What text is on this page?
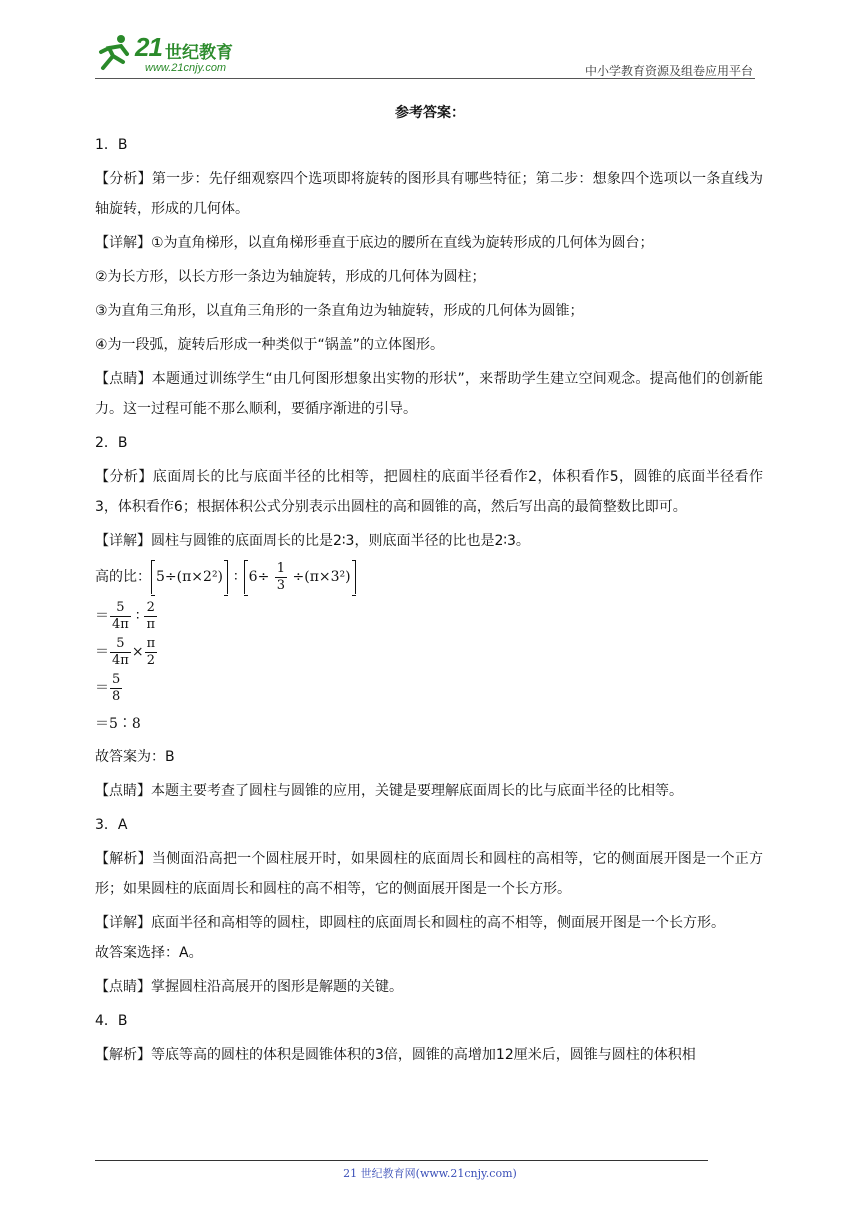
21 世纪教育
www.21cnjy.com	中小学教育资源及组卷应用平台
参考答案：

1．B

【分析】第一步：先仔细观察四个选项即将旋转的图形具有哪些特征；第二步：想象四个选项以一条直线为轴旋转，形成的几何体。

【详解】①为直角梯形，以直角梯形垂直于底边的腰所在直线为旋转形成的几何体为圆台；

②为长方形，以长方形一条边为轴旋转，形成的几何体为圆柱；

③为直角三角形，以直角三角形的一条直角边为轴旋转，形成的几何体为圆锥；

④为一段弧，旋转后形成一种类似于“锅盖”的立体图形。

【点睛】本题通过训练学生“由几何图形想象出实物的形状”，来帮助学生建立空间观念。提高他们的创新能力。这一过程可能不那么顺利，要循序渐进的引导。

2．B

【分析】底面周长的比与底面半径的比相等，把圆柱的底面半径看作2，体积看作5，圆锥的底面半径看作3，体积看作6；根据体积公式分别表示出圆柱的高和圆锥的高，然后写出高的最简整数比即可。

【详解】圆柱与圆锥的底面周长的比是2∶3，则底面半径的比也是2∶3。

高的比： 5÷(π×2²) ∶ $6\div \frac{1}{3} \div(\pi\times 3^2)$
＝ $\frac{5}{4\pi}$ ∶ $\frac{2}{\pi}$
＝ $\frac{5}{4\pi} \times \frac{\pi}{2}$
＝ $\frac{5}{8}$
＝5∶8

故答案为：B

【点睛】本题主要考查了圆柱与圆锥的应用，关键是要理解底面周长的比与底面半径的比相等。

3．A

【解析】当侧面沿高把一个圆柱展开时，如果圆柱的底面周长和圆柱的高相等，它的侧面展开图是一个正方形；如果圆柱的底面周长和圆柱的高不相等，它的侧面展开图是一个长方形。

【详解】底面半径和高相等的圆柱，即圆柱的底面周长和圆柱的高不相等，侧面展开图是一个长方形。

故答案选择：A。

【点睛】掌握圆柱沿高展开的图形是解题的关键。

4．B

【解析】等底等高的圆柱的体积是圆锥体积的3倍，圆锥的高增加12厘米后，圆锥与圆柱的体积相

21 世纪教育网(www.21cnjy.com)
